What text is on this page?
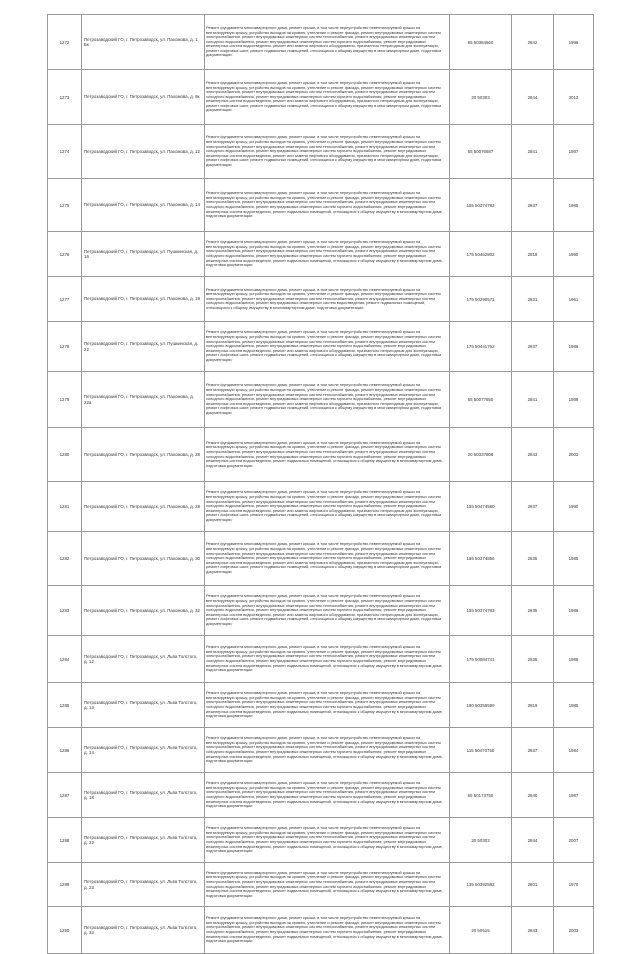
1272	Петрозаводский ГО, г. Петрозаводск, ул. Пахомова, д. 1 Бк	Ремонт фундамента многоквартирного дома, ремонт крыши, в том числе переустройство невентилируемой крыши на вентилируемую крышу, устройство выходов на кровлю, утепление и ремонт фасада, ремонт внутридомовых инженерных систем электроснабжения, ремонт внутридомовых инженерных систем теплоснабжения, ремонт внутридомовых инженерных систем холодного водоснабжения, ремонт внутридомовых инженерных систем горячего водоснабжения, ремонт внутридомовых инженерных систем водоотведения, ремонт или замена лифтового оборудования, признанного непригодным для эксплуатации, ремонт лифтовых шахт, ремонт подвальных помещений, относящихся к общему имуществу в многоквартирном доме, подготовка документации	65 50384560	2842	1996
1273	Петрозаводский ГО, г. Петрозаводск, ул. Пахомова, д. 8к	Ремонт фундамента многоквартирного дома, ремонт крыши, в том числе переустройство невентилируемой крыши на вентилируемую крышу, устройство выходов на кровлю, утепление и ремонт фасада, ремонт внутридомовых инженерных систем электроснабжения, ремонт внутридомовых инженерных систем теплоснабжения, ремонт внутридомовых инженерных систем холодного водоснабжения, ремонт внутридомовых инженерных систем горячего водоснабжения, ремонт внутридомовых инженерных систем водоотведения, ремонт или замена лифтового оборудования, признанного непригодным для эксплуатации, ремонт лифтовых шахт, ремонт подвальных помещений, относящихся к общему имуществу в многоквартирном доме, подготовка документации	20 50303	2844	2013
1274	Петрозаводский ГО, г. Петрозаводск, ул. Пахомова, д. 12	Ремонт фундамента многоквартирного дома, ремонт крыши, в том числе переустройство невентилируемой крыши на вентилируемую крышу, устройство выходов на кровлю, утепление и ремонт фасада, ремонт внутридомовых инженерных систем электроснабжения, ремонт внутридомовых инженерных систем теплоснабжения, ремонт внутридомовых инженерных систем холодного водоснабжения, ремонт внутридомовых инженерных систем горячего водоснабжения, ремонт внутридомовых инженерных систем водоотведения, ремонт или замена лифтового оборудования, признанного непригодным для эксплуатации, ремонт лифтовых шахт, ремонт подвальных помещений, относящихся к общему имуществу в многоквартирном доме, подготовка документации	65 50076687	2841	1987
1275	Петрозаводский ГО, г. Петрозаводск, ул. Пахомова, д. 14	Ремонт фундамента многоквартирного дома, ремонт крыши, в том числе переустройство невентилируемой крыши на вентилируемую крышу, устройство выходов на кровлю, утепление и ремонт фасада, ремонт внутридомовых инженерных систем электроснабжения, ремонт внутридомовых инженерных систем теплоснабжения, ремонт внутридомовых инженерных систем холодного водоснабжения, ремонт внутридомовых инженерных систем горячего водоснабжения, ремонт внутридомовых инженерных систем водоотведения, ремонт подвальных помещений, относящихся к общему имуществу в многоквартирном доме, подготовка документации	155 50374782	2837	1985
1276	Петрозаводский ГО, г. Петрозаводск, ул. Пушкинская, д. 16	Ремонт фундамента многоквартирного дома, ремонт крыши, в том числе переустройство невентилируемой крыши на вентилируемую крышу, устройство выходов на кровлю, утепление и ремонт фасада, ремонт внутридомовых инженерных систем электроснабжения, ремонт внутридомовых инженерных систем теплоснабжения, ремонт внутридомовых инженерных систем холодного водоснабжения, ремонт внутридомовых инженерных систем горячего водоснабжения, ремонт внутридомовых инженерных систем водоотведения, ремонт подвальных помещений, относящихся к общему имуществу в многоквартирном доме, подготовка документации	175 50462802	2818	1990
1277	Петрозаводский ГО, г. Петрозаводск, ул. Пахомова, д. 19	Ремонт фундамента многоквартирного дома, ремонт крыши, в том числе переустройство невентилируемой крыши на вентилируемую крышу, устройство выходов на кровлю, утепление и ремонт фасада, ремонт внутридомовых инженерных систем электроснабжения, ремонт внутридомовых инженерных систем теплоснабжения, ремонт внутридомовых инженерных систем холодного водоснабжения, ремонт внутридомовых инженерных систем водоотведения, ремонт подвальных помещений, относящихся к общему имуществу в многоквартирном доме, подготовка документации	175 50290571	2831	1961
1278	Петрозаводский ГО, г. Петрозаводск, ул. Пушкинская, д. 22	Ремонт фундамента многоквартирного дома, ремонт крыши, в том числе переустройство невентилируемой крыши на вентилируемую крышу, устройство выходов на кровлю, утепление и ремонт фасада, ремонт внутридомовых инженерных систем электроснабжения, ремонт внутридомовых инженерных систем теплоснабжения, ремонт внутридомовых инженерных систем холодного водоснабжения, ремонт внутридомовых инженерных систем горячего водоснабжения, ремонт внутридомовых инженерных систем водоотведения, ремонт или замена лифтового оборудования, признанного непригодным для эксплуатации, ремонт лифтовых шахт, ремонт подвальных помещений, относящихся к общему имуществу в многоквартирном доме, подготовка документации	175 50441762	2837	1986
1279	Петрозаводский ГО, г. Петрозаводск, ул. Пахомова, д. 22а	Ремонт фундамента многоквартирного дома, ремонт крыши, в том числе переустройство невентилируемой крыши на вентилируемую крышу, устройство выходов на кровлю, утепление и ремонт фасада, ремонт внутридомовых инженерных систем электроснабжения, ремонт внутридомовых инженерных систем теплоснабжения, ремонт внутридомовых инженерных систем холодного водоснабжения, ремонт внутридомовых инженерных систем горячего водоснабжения, ремонт внутридомовых инженерных систем водоотведения, ремонт или замена лифтового оборудования, признанного непригодным для эксплуатации, ремонт лифтовых шахт, ремонт подвальных помещений, относящихся к общему имуществу в многоквартирном доме, подготовка документации	65 50077850	2841	1989
1280	Петрозаводский ГО, г. Петрозаводск, ул. Пахомова, д. 28	Ремонт фундамента многоквартирного дома, ремонт крыши, в том числе переустройство невентилируемой крыши на вентилируемую крышу, устройство выходов на кровлю, утепление и ремонт фасада, ремонт внутридомовых инженерных систем электроснабжения, ремонт внутридомовых инженерных систем теплоснабжения, ремонт внутридомовых инженерных систем холодного водоснабжения, ремонт внутридомовых инженерных систем горячего водоснабжения, ремонт внутридомовых инженерных систем водоотведения, ремонт подвальных помещений, относящихся к общему имуществу в многоквартирном доме, подготовка документации	20 50337808	2843	2003
1281	Петрозаводский ГО, г. Петрозаводск, ул. Пахомова, д. 28	Ремонт фундамента многоквартирного дома, ремонт крыши, в том числе переустройство невентилируемой крыши на вентилируемую крышу, устройство выходов на кровлю, утепление и ремонт фасада, ремонт внутридомовых инженерных систем электроснабжения, ремонт внутридомовых инженерных систем теплоснабжения, ремонт внутридомовых инженерных систем холодного водоснабжения, ремонт внутридомовых инженерных систем горячего водоснабжения, ремонт внутридомовых инженерных систем водоотведения, ремонт или замена лифтового оборудования, признанного непригодным для эксплуатации, ремонт лифтовых шахт, ремонт подвальных помещений, относящихся к общему имуществу в многоквартирном доме, подготовка документации	155 50474580	2837	1990
1282	Петрозаводский ГО, г. Петрозаводск, ул. Пахомова, д. 30	Ремонт фундамента многоквартирного дома, ремонт крыши, в том числе переустройство невентилируемой крыши на вентилируемую крышу, устройство выходов на кровлю, утепление и ремонт фасада, ремонт внутридомовых инженерных систем электроснабжения, ремонт внутридомовых инженерных систем теплоснабжения, ремонт внутридомовых инженерных систем холодного водоснабжения, ремонт внутридомовых инженерных систем горячего водоснабжения, ремонт внутридомовых инженерных систем водоотведения, ремонт или замена лифтового оборудования, признанного непригодным для эксплуатации, ремонт лифтовых шахт, ремонт подвальных помещений, относящихся к общему имуществу в многоквартирном доме, подготовка документации	165 50374856	2835	1985
1283	Петрозаводский ГО, г. Петрозаводск, ул. Пахомова, д. 32	Ремонт фундамента многоквартирного дома, ремонт крыши, в том числе переустройство невентилируемой крыши на вентилируемую крышу, устройство выходов на кровлю, утепление и ремонт фасада, ремонт внутридомовых инженерных систем электроснабжения, ремонт внутридомовых инженерных систем теплоснабжения, ремонт внутридомовых инженерных систем холодного водоснабжения, ремонт внутридомовых инженерных систем горячего водоснабжения, ремонт внутридомовых инженерных систем водоотведения, ремонт или замена лифтового оборудования, признанного непригодным для эксплуатации, ремонт лифтовых шахт, ремонт подвальных помещений, относящихся к общему имуществу в многоквартирном доме, подготовка документации	155 50374783	2835	1986
1284	Петрозаводский ГО, г. Петрозаводск, ул. Льва Толстого, д. 12	Ремонт фундамента многоквартирного дома, ремонт крыши, в том числе переустройство невентилируемой крыши на вентилируемую крышу, устройство выходов на кровлю, утепление и ремонт фасада, ремонт внутридомовых инженерных систем электроснабжения, ремонт внутридомовых инженерных систем теплоснабжения, ремонт внутридомовых инженерных систем холодного водоснабжения, ремонт внутридомовых инженерных систем горячего водоснабжения, ремонт внутридомовых инженерных систем водоотведения, ремонт подвальных помещений, относящихся к общему имуществу в многоквартирном доме, подготовка документации	175 50084741	2835	1989
1285	Петрозаводский ГО, г. Петрозаводск, ул. Льва Толстого, д. 13	Ремонт фундамента многоквартирного дома, ремонт крыши, в том числе переустройство невентилируемой крыши на вентилируемую крышу, устройство выходов на кровлю, утепление и ремонт фасада, ремонт внутридомовых инженерных систем электроснабжения, ремонт внутридомовых инженерных систем теплоснабжения, ремонт внутридомовых инженерных систем холодного водоснабжения, ремонт внутридомовых инженерных систем горячего водоснабжения, ремонт внутридомовых инженерных систем водоотведения, ремонт подвальных помещений, относящихся к общему имуществу в многоквартирном доме, подготовка документации	180 50355599	2819	1985
1286	Петрозаводский ГО, г. Петрозаводск, ул. Льва Толстого, д. 14	Ремонт фундамента многоквартирного дома, ремонт крыши, в том числе переустройство невентилируемой крыши на вентилируемую крышу, устройство выходов на кровлю, утепление и ремонт фасада, ремонт внутридомовых инженерных систем электроснабжения, ремонт внутридомовых инженерных систем теплоснабжения, ремонт внутридомовых инженерных систем холодного водоснабжения, ремонт внутридомовых инженерных систем горячего водоснабжения, ремонт внутридомовых инженерных систем водоотведения, ремонт подвальных помещений, относящихся к общему имуществу в многоквартирном доме, подготовка документации	115 50470750	2837	1984
1287	Петрозаводский ГО, г. Петрозаводск, ул. Льва Толстого, д. 18	Ремонт фундамента многоквартирного дома, ремонт крыши, в том числе переустройство невентилируемой крыши на вентилируемую крышу, устройство выходов на кровлю, утепление и ремонт фасада, ремонт внутридомовых инженерных систем электроснабжения, ремонт внутридомовых инженерных систем теплоснабжения, ремонт внутридомовых инженерных систем холодного водоснабжения, ремонт внутридомовых инженерных систем горячего водоснабжения, ремонт внутридомовых инженерных систем водоотведения, ремонт подвальных помещений, относящихся к общему имуществу в многоквартирном доме, подготовка документации	65 50173755	2840	1987
1288	Петрозаводский ГО, г. Петрозаводск, ул. Льва Толстого, д. 22	Ремонт фундамента многоквартирного дома, ремонт крыши, в том числе переустройство невентилируемой крыши на вентилируемую крышу, устройство выходов на кровлю, утепление и ремонт фасада, ремонт внутридомовых инженерных систем электроснабжения, ремонт внутридомовых инженерных систем теплоснабжения, ремонт внутридомовых инженерных систем холодного водоснабжения, ремонт внутридомовых инженерных систем горячего водоснабжения, ремонт внутридомовых инженерных систем водоотведения, ремонт подвальных помещений, относящихся к общему имуществу в многоквартирном доме, подготовка документации	20 50303	2844	2007
1289	Петрозаводский ГО, г. Петрозаводск, ул. Льва Толстого, д. 23	Ремонт фундамента многоквартирного дома, ремонт крыши, в том числе переустройство невентилируемой крыши на вентилируемую крышу, устройство выходов на кровлю, утепление и ремонт фасада, ремонт внутридомовых инженерных систем электроснабжения, ремонт внутридомовых инженерных систем теплоснабжения, ремонт внутридомовых инженерных систем холодного водоснабжения, ремонт внутридомовых инженерных систем горячего водоснабжения, ремонт внутридомовых инженерных систем водоотведения, ремонт подвальных помещений, относящихся к общему имуществу в многоквартирном доме, подготовка документации	135 50392582	2801	1970
1290	Петрозаводский ГО, г. Петрозаводск, ул. Льва Толстого, д. 32	Ремонт фундамента многоквартирного дома, ремонт крыши, в том числе переустройство невентилируемой крыши на вентилируемую крышу, устройство выходов на кровлю, утепление и ремонт фасада, ремонт внутридомовых инженерных систем электроснабжения, ремонт внутридомовых инженерных систем теплоснабжения, ремонт внутридомовых инженерных систем холодного водоснабжения, ремонт внутридомовых инженерных систем горячего водоснабжения, ремонт внутридомовых инженерных систем водоотведения, ремонт подвальных помещений, относящихся к общему имуществу в многоквартирном доме, подготовка документации	20 50515	2843	2003
